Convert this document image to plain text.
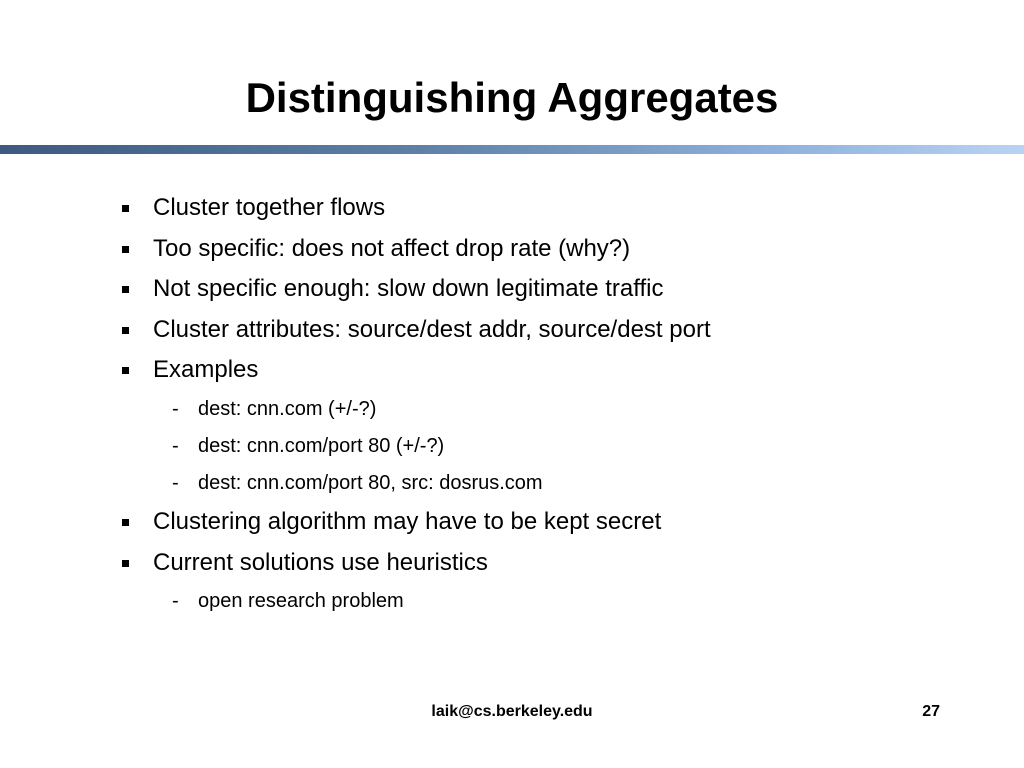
Distinguishing Aggregates
Cluster together flows
Too specific: does not affect drop rate (why?)
Not specific enough: slow down legitimate traffic
Cluster attributes: source/dest addr, source/dest port
Examples
- dest: cnn.com (+/-?)
- dest: cnn.com/port 80 (+/-?)
- dest: cnn.com/port 80, src: dosrus.com
Clustering algorithm may have to be kept secret
Current solutions use heuristics
- open research problem
laik@cs.berkeley.edu	27
